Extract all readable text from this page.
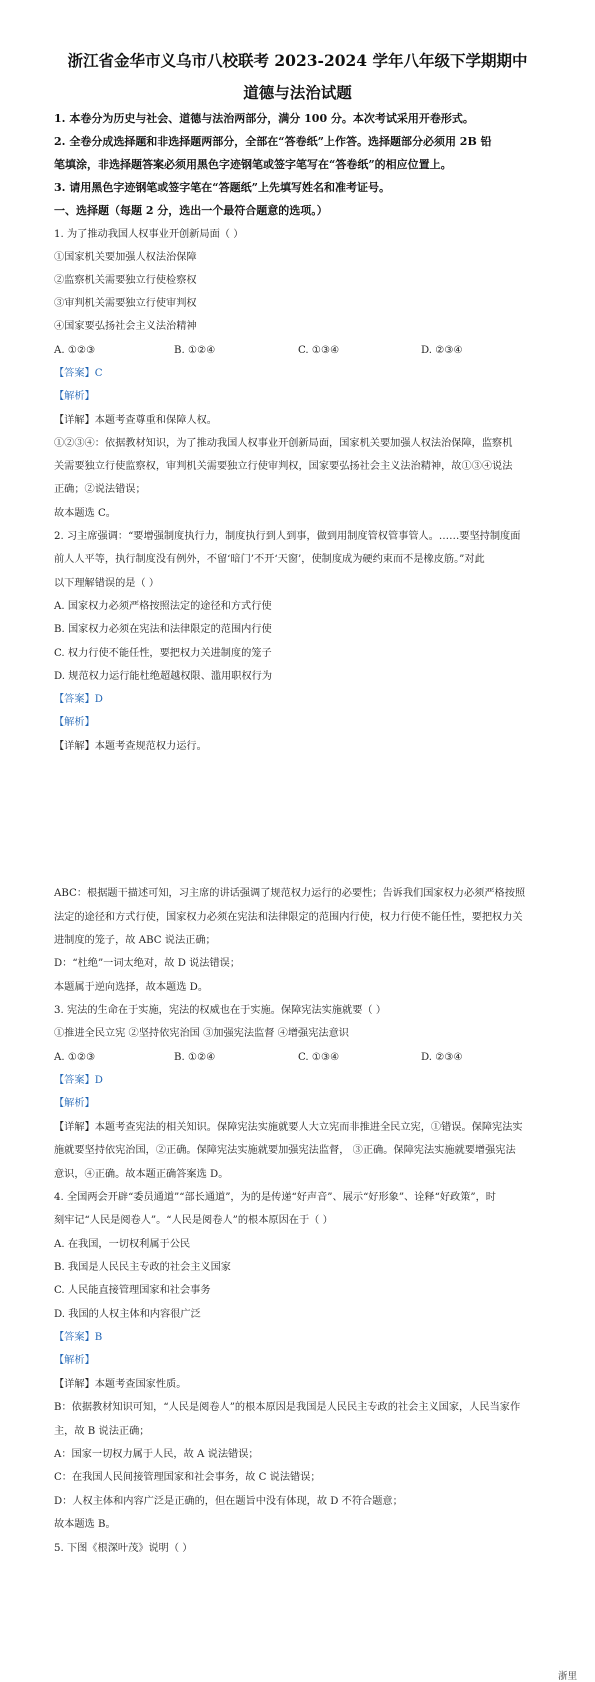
浙江省金华市义乌市八校联考 2023-2024 学年八年级下学期期中
道德与法治试题
1. 本卷分为历史与社会、道德与法治两部分，满分 100 分。本次考试采用开卷形式。
2. 全卷分成选择题和非选择题两部分，全部在“答卷纸”上作答。选择题部分必须用 2B 铅
笔填涂，非选择题答案必须用黑色字迹钢笔或签字笔写在“答卷纸”的相应位置上。
3. 请用黑色字迹钢笔或签字笔在“答题纸”上先填写姓名和准考证号。
一、选择题（每题 2 分，选出一个最符合题意的选项。）
1. 为了推动我国人权事业开创新局面（ ）
①国家机关要加强人权法治保障
②监察机关需要独立行使检察权
③审判机关需要独立行使审判权
④国家要弘扬社会主义法治精神
A. ①②③	B. ①②④	C. ①③④	D. ②③④
【答案】C
【解析】
【详解】本题考查尊重和保障人权。
①②③④：依据教材知识，为了推动我国人权事业开创新局面，国家机关要加强人权法治保障，监察机
关需要独立行使监察权，审判机关需要独立行使审判权，国家要弘扬社会主义法治精神，故①③④说法
正确；②说法错误；
故本题选 C。
2. 习主席强调：“要增强制度执行力，制度执行到人到事，做到用制度管权管事管人。……要坚持制度面
前人人平等，执行制度没有例外，不留‘暗门’不开‘天窗’，使制度成为硬约束而不是橡皮筋。”对此
以下理解错误的是（ ）
A. 国家权力必须严格按照法定的途径和方式行使
B. 国家权力必须在宪法和法律限定的范围内行使
C. 权力行使不能任性，要把权力关进制度的笼子
D. 规范权力运行能杜绝超越权限、滥用职权行为
【答案】D
【解析】
【详解】本题考查规范权力运行。
ABC：根据题干描述可知，习主席的讲话强调了规范权力运行的必要性；告诉我们国家权力必须严格按照
法定的途径和方式行使，国家权力必须在宪法和法律限定的范围内行使，权力行使不能任性，要把权力关
进制度的笼子，故 ABC 说法正确；
D：“杜绝”一词太绝对，故 D 说法错误；
本题属于逆向选择，故本题选 D。
3. 宪法的生命在于实施，宪法的权威也在于实施。保障宪法实施就要（ ）
①推进全民立宪 ②坚持依宪治国 ③加强宪法监督 ④增强宪法意识
A. ①②③	B. ①②④	C. ①③④	D. ②③④
【答案】D
【解析】
【详解】本题考查宪法的相关知识。保障宪法实施就要人大立宪而非推进全民立宪，①错误。保障宪法实
施就要坚持依宪治国，②正确。保障宪法实施就要加强宪法监督， ③正确。保障宪法实施就要增强宪法
意识，④正确。故本题正确答案选 D。
4. 全国两会开辟“委员通道”“部长通道”，为的是传递“好声音”、展示“好形象”、诠释“好政策”，时
刻牢记“人民是阅卷人”。“人民是阅卷人”的根本原因在于（ ）
A. 在我国，一切权利属于公民
B. 我国是人民民主专政的社会主义国家
C. 人民能直接管理国家和社会事务
D. 我国的人权主体和内容很广泛
【答案】B
【解析】
【详解】本题考查国家性质。
B：依据教材知识可知，“人民是阅卷人”的根本原因是我国是人民民主专政的社会主义国家，人民当家作
主，故 B 说法正确；
A：国家一切权力属于人民，故 A 说法错误；
C：在我国人民间接管理国家和社会事务，故 C 说法错误；
D：人权主体和内容广泛是正确的，但在题旨中没有体现，故 D 不符合题意；
故本题选 B。
5. 下图《根深叶茂》说明（ ）
浙里
